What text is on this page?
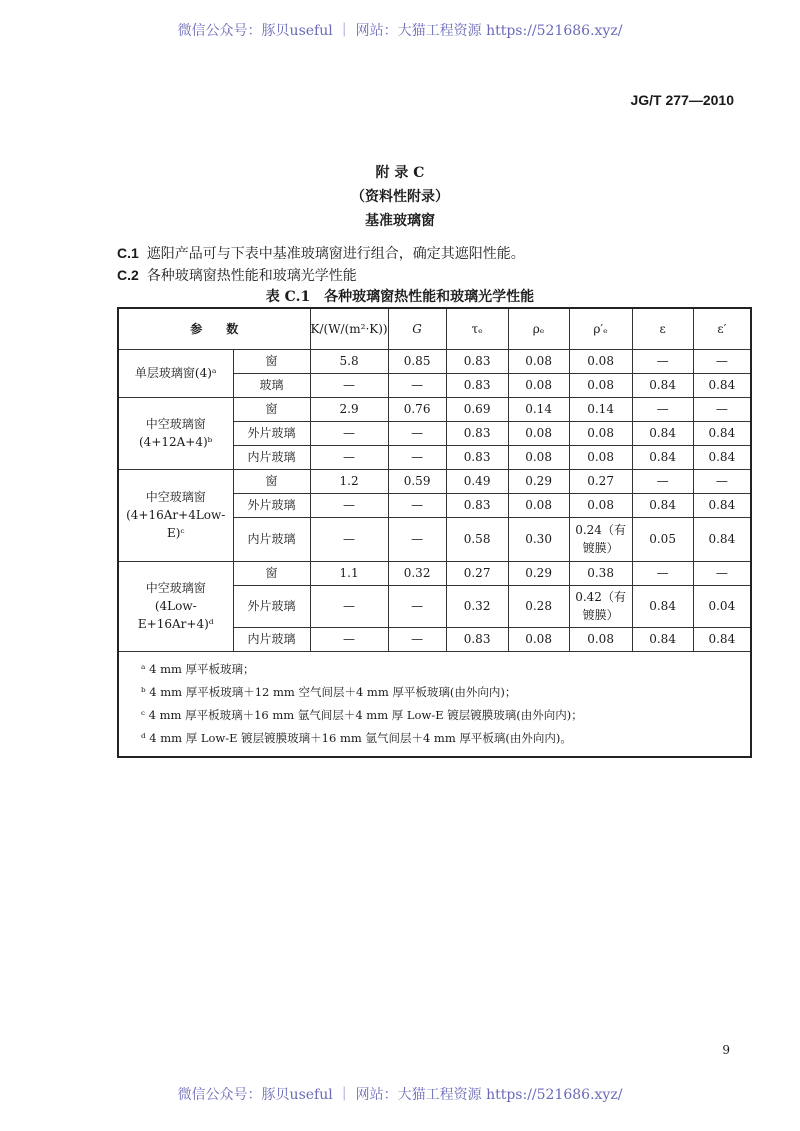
微信公众号：豚贝useful ｜ 网站：大猫工程资源 https://521686.xyz/
JG/T 277—2010
附 录 C
（资料性附录）
基准玻璃窗
C.1 遮阳产品可与下表中基准玻璃窗进行组合，确定其遮阳性能。
C.2 各种玻璃窗热性能和玻璃光学性能
表 C.1　各种玻璃窗热性能和玻璃光学性能
参　　数		K/(W/(m²·K))	G	τₑ	ρₑ	ρ′ₑ	ε	ε′
单层玻璃窗(4)ᵃ	窗	5.8	0.85	0.83	0.08	0.08	—	—
	玻璃	—	—	0.83	0.08	0.08	0.84	0.84
中空玻璃窗(4+12A+4)ᵇ	窗	2.9	0.76	0.69	0.14	0.14	—	—
	外片玻璃	—	—	0.83	0.08	0.08	0.84	0.84
	内片玻璃	—	—	0.83	0.08	0.08	0.84	0.84
中空玻璃窗(4+16Ar+4Low-E)ᶜ	窗	1.2	0.59	0.49	0.29	0.27	—	—
	外片玻璃	—	—	0.83	0.08	0.08	0.84	0.84
	内片玻璃	—	—	0.58	0.30	0.24（有镀膜）	0.05	0.84
中空玻璃窗(4Low-E+16Ar+4)ᵈ	窗	1.1	0.32	0.27	0.29	0.38	—	—
	外片玻璃	—	—	0.32	0.28	0.42（有镀膜）	0.84	0.04
	内片玻璃	—	—	0.83	0.08	0.08	0.84	0.84

ᵃ 4 mm 厚平板玻璃；
ᵇ 4 mm 厚平板玻璃＋12 mm 空气间层＋4 mm 厚平板玻璃(由外向内)；
ᶜ 4 mm 厚平板玻璃＋16 mm 氩气间层＋4 mm 厚 Low-E 镀层镀膜玻璃(由外向内)；
ᵈ 4 mm 厚 Low-E 镀层镀膜玻璃＋16 mm 氩气间层＋4 mm 厚平板璃(由外向内)。								
9
微信公众号：豚贝useful ｜ 网站：大猫工程资源 https://521686.xyz/
